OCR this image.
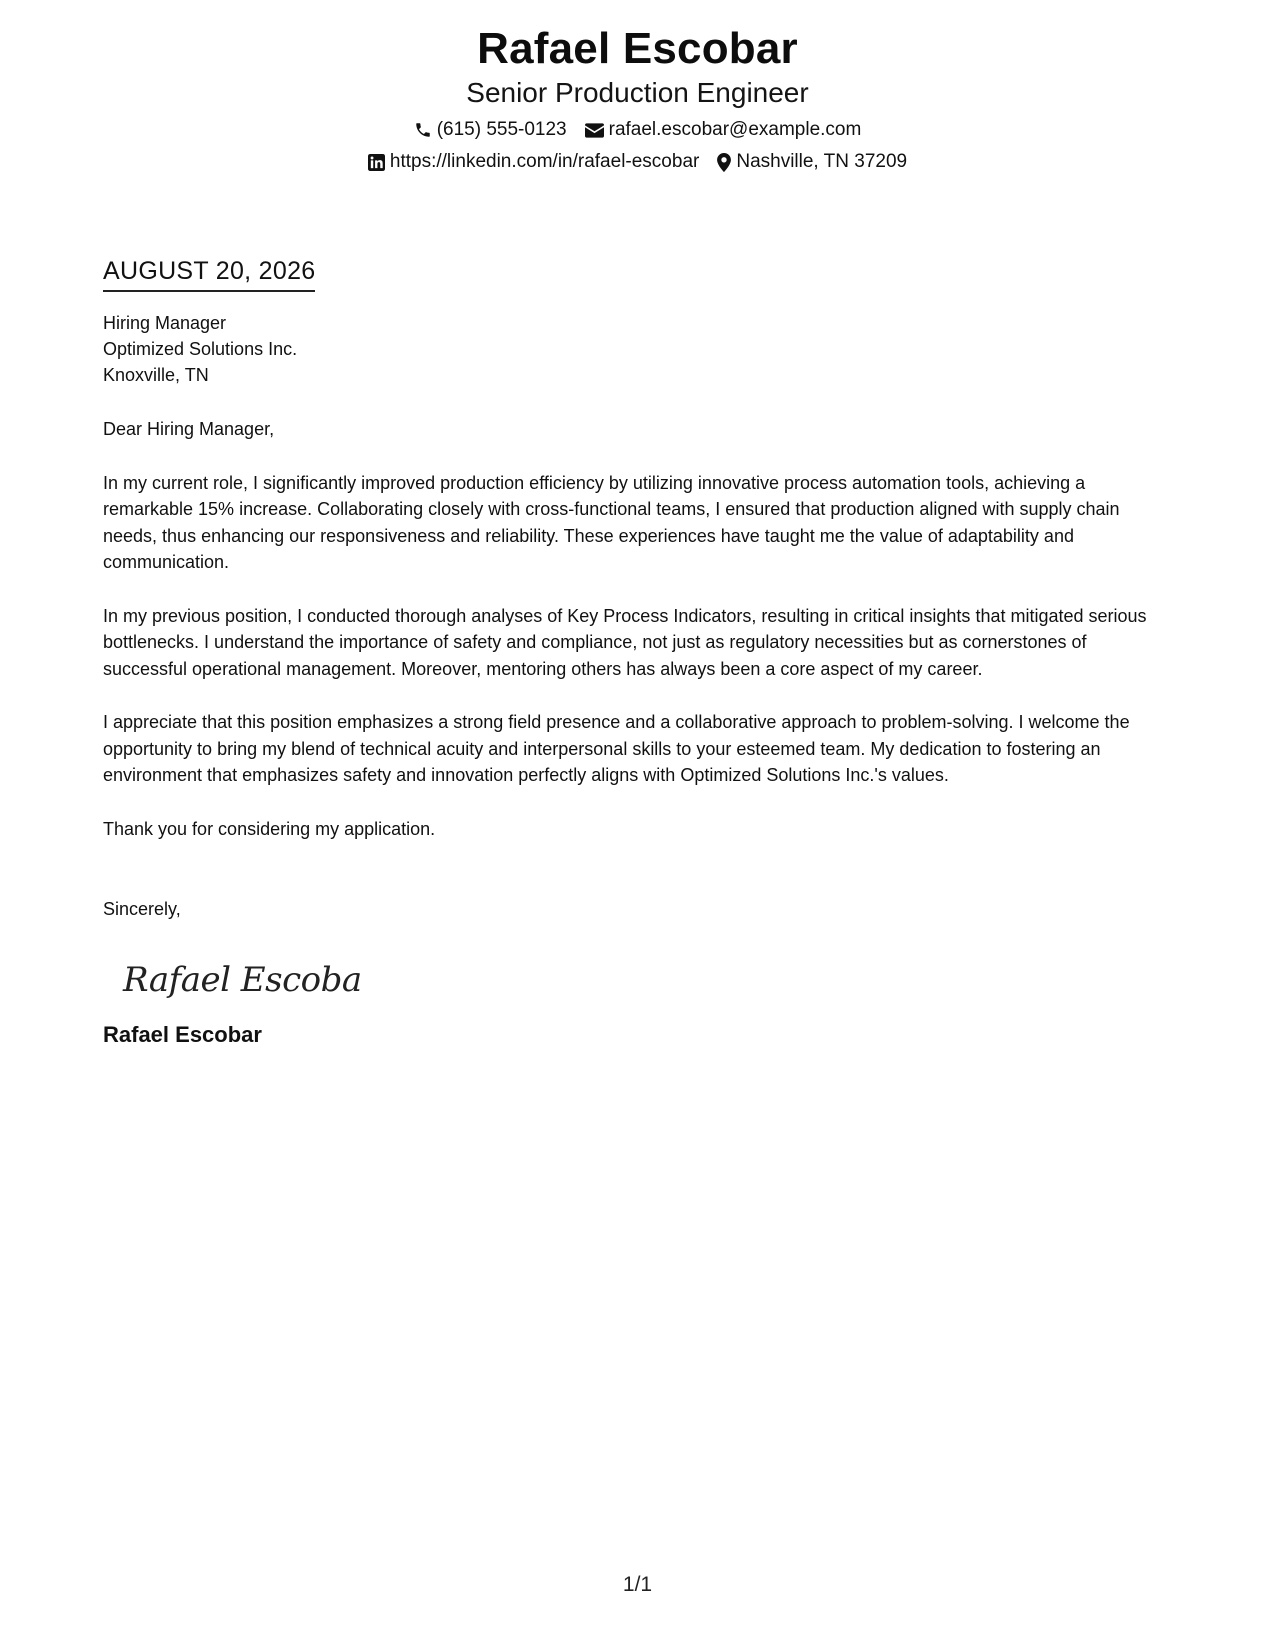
Rafael Escobar
Senior Production Engineer
(615) 555-0123 rafael.escobar@example.com
https://linkedin.com/in/rafael-escobar Nashville, TN 37209
AUGUST 20, 2026
Hiring Manager
Optimized Solutions Inc.
Knoxville, TN
Dear Hiring Manager,
In my current role, I significantly improved production efficiency by utilizing innovative process automation tools, achieving a remarkable 15% increase. Collaborating closely with cross-functional teams, I ensured that production aligned with supply chain needs, thus enhancing our responsiveness and reliability. These experiences have taught me the value of adaptability and communication.
In my previous position, I conducted thorough analyses of Key Process Indicators, resulting in critical insights that mitigated serious bottlenecks. I understand the importance of safety and compliance, not just as regulatory necessities but as cornerstones of successful operational management. Moreover, mentoring others has always been a core aspect of my career.
I appreciate that this position emphasizes a strong field presence and a collaborative approach to problem-solving. I welcome the opportunity to bring my blend of technical acuity and interpersonal skills to your esteemed team. My dedication to fostering an environment that emphasizes safety and innovation perfectly aligns with Optimized Solutions Inc.'s values.
Thank you for considering my application.
Sincerely,
Rafael Escobar
Rafael Escobar
1/1
